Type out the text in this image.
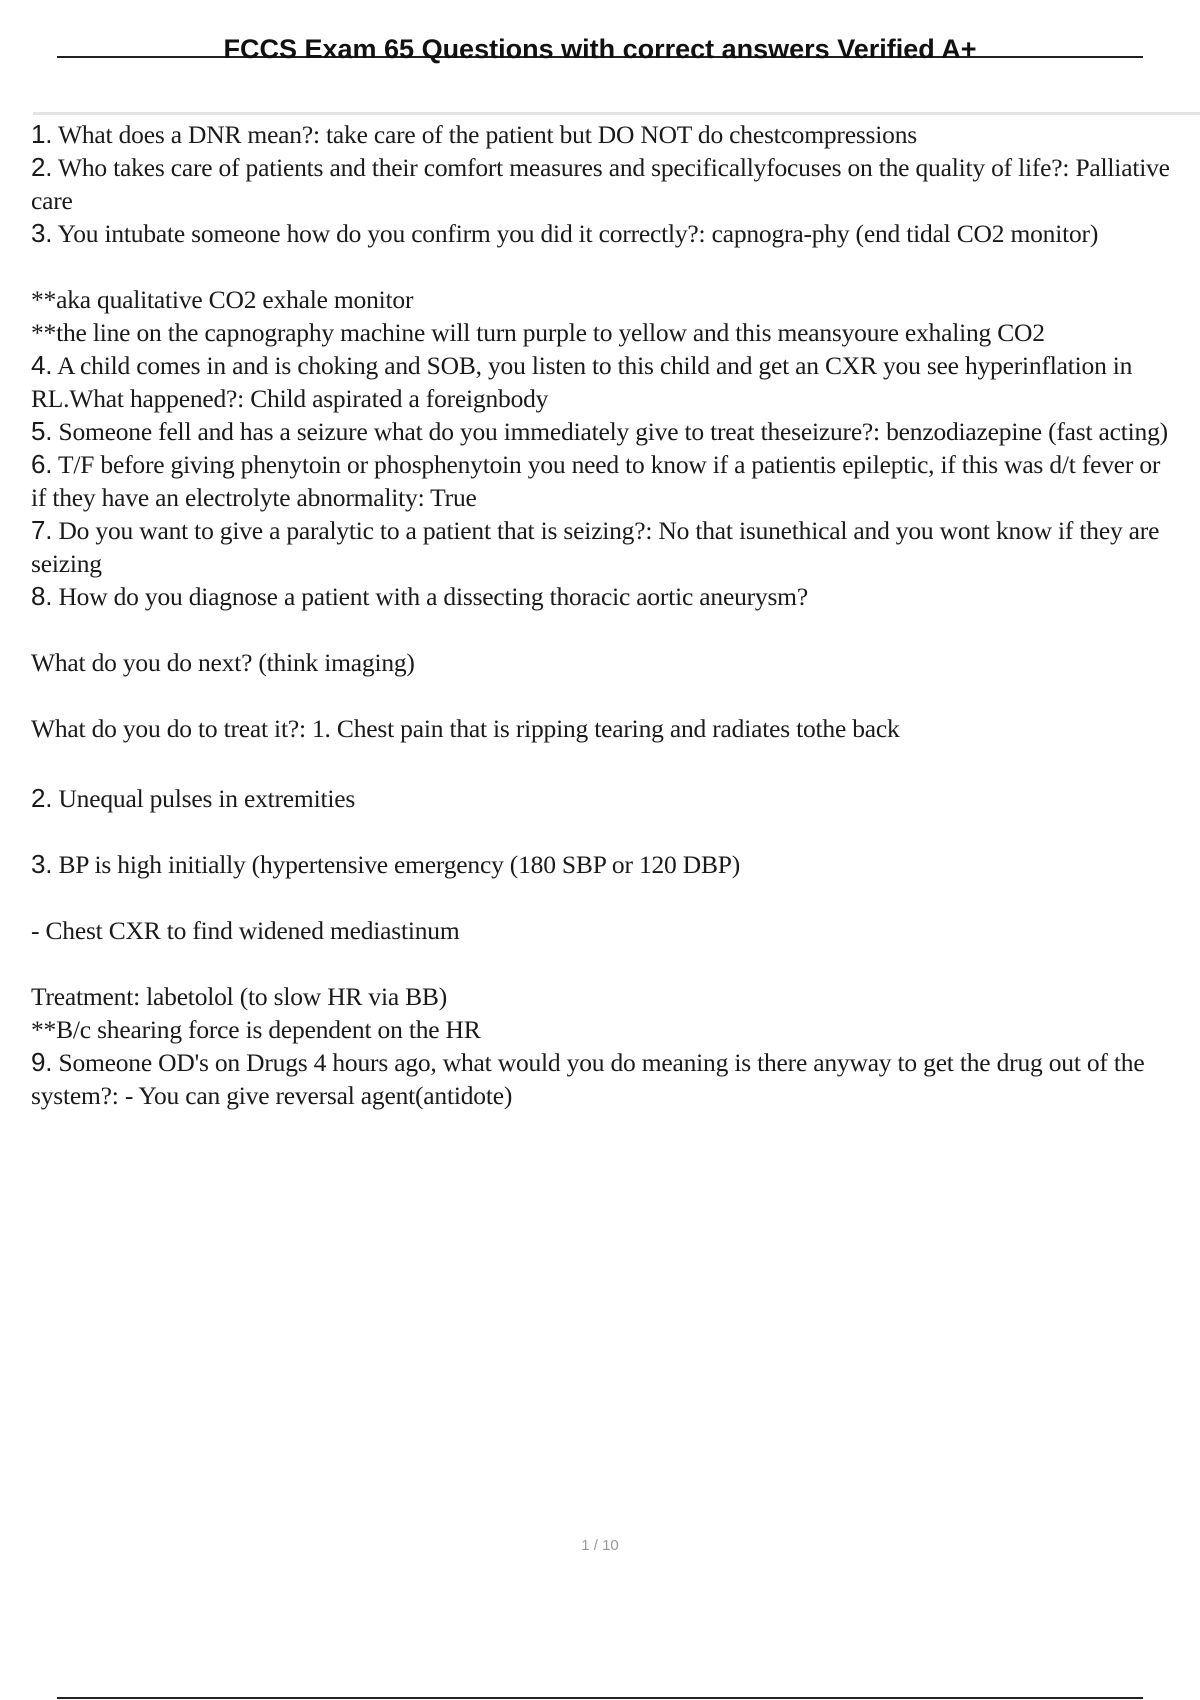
FCCS Exam 65 Questions with correct answers Verified A+

1. What does a DNR mean?: take care of the patient but DO NOT do chestcompressions

2. Who takes care of patients and their comfort measures and specificallyfocuses on the quality of life?: Palliative care

3. You intubate someone how do you confirm you did it correctly?: capnogra-phy (end tidal CO2 monitor)

**aka qualitative CO2 exhale monitor

**the line on the capnography machine will turn purple to yellow and this meansyoure exhaling CO2

4. A child comes in and is choking and SOB, you listen to this child and get an CXR you see hyperinflation in RL.What happened?: Child aspirated a foreignbody

5. Someone fell and has a seizure what do you immediately give to treat theseizure?: benzodiazepine (fast acting)

6. T/F before giving phenytoin or phosphenytoin you need to know if a patientis epileptic, if this was d/t fever or if they have an electrolyte abnormality: True

7. Do you want to give a paralytic to a patient that is seizing?: No that isunethical and you wont know if they are seizing

8. How do you diagnose a patient with a dissecting thoracic aortic aneurysm?

What do you do next? (think imaging)

What do you do to treat it?: 1. Chest pain that is ripping tearing and radiates tothe back

2. Unequal pulses in extremities

3. BP is high initially (hypertensive emergency (180 SBP or 120 DBP)

- Chest CXR to find widened mediastinum

Treatment: labetolol (to slow HR via BB)

**B/c shearing force is dependent on the HR

9. Someone OD's on Drugs 4 hours ago, what would you do meaning is there anyway to get the drug out of the system?: - You can give reversal agent(antidote)

1 / 10
